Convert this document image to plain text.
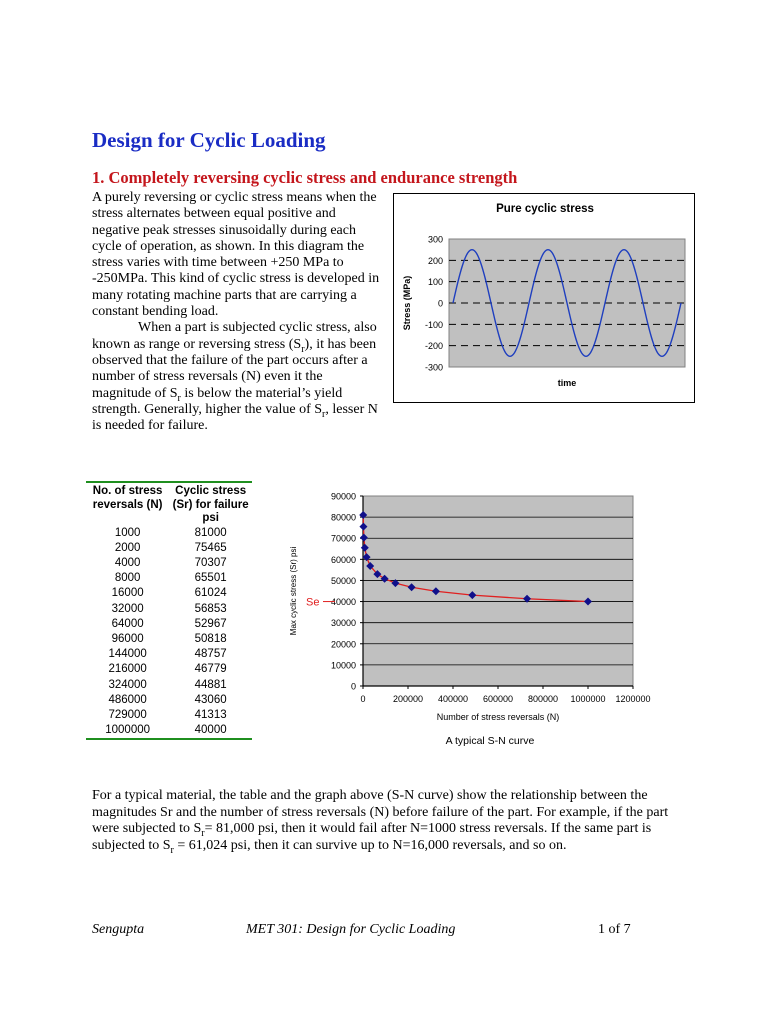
Design for Cyclic Loading
1. Completely reversing cyclic stress and endurance strength

A purely reversing or cyclic stress means when the stress alternates between equal positive and negative peak stresses sinusoidally during each cycle of operation, as shown. In this diagram the stress varies with time between +250 MPa to -250MPa. This kind of cyclic stress is developed in many rotating machine parts that are carrying a constant bending load.

When a part is subjected cyclic stress, also known as range or reversing stress $(S_r)$, it has been observed that the failure of the part occurs after a number of stress reversals (N) even it the magnitude of $S_r$ is below the material’s yield strength. Generally, higher the value of $S_r$, lesser N is needed for failure.

Pure cyclic stress
300
200
100
0
-100
-200
-300
Stress (MPa)
time
No. of stress reversals (N)	Cyclic stress (Sr) for failure psi
1000	81000
2000	75465
4000	70307
8000	65501
16000	61024
32000	56853
64000	52967
96000	50818
144000	48757
216000	46779
324000	44881
486000	43060
729000	41313
1000000	40000
0	200000 400000 600000 800000 1000000 1200000
0
10000
20000
30000
40000
50000
60000
70000
80000
90000
Se
Max cyclic stress (Sr) psi
Number of stress reversals (N)
A typical S-N curve

For a typical material, the table and the graph above (S-N curve) show the relationship between the magnitudes Sr and the number of stress reversals (N) before failure of the part. For example, if the part were subjected to $S_r= 81,000$ psi, then it would fail after N=1000 stress reversals. If the same part is subjected to $S_r = 61,024$ psi, then it can survive up to N=16,000 reversals, and so on.

Sengupta	MET 301: Design for Cyclic Loading	1 of 7
